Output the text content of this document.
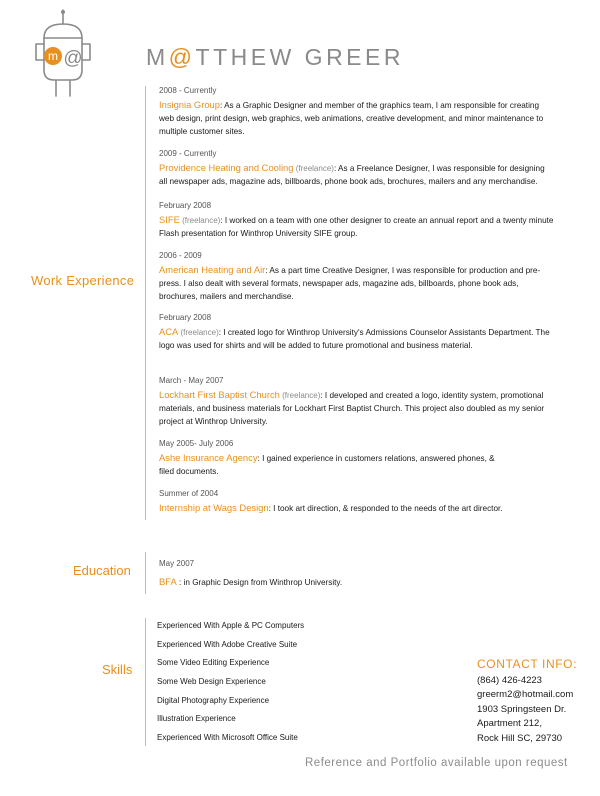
m @	M@TTHEW GREER
Work Experience
Education
Skills
2008 - Currently
Insignia Group: As a Graphic Designer and member of the graphics team, I am responsible for creating web design, print design, web graphics, web animations, creative development, and minor maintenance to multiple customer sites.
2009 - Currently
Providence Heating and Cooling (freelance): As a Freelance Designer, I was responsible for designing all newspaper ads, magazine ads, billboards, phone book ads, brochures, mailers and any merchandise.
February 2008
SIFE (freelance): I worked on a team with one other designer to create an annual report and a twenty minute Flash presentation for Winthrop University SIFE group.
2006 - 2009
American Heating and Air: As a part time Creative Designer, I was responsible for production and pre-press. I also dealt with several formats, newspaper ads, magazine ads, billboards, phone book ads, brochures, mailers and merchandise.
February 2008
ACA (freelance): I created logo for Winthrop University's Admissions Counselor Assistants Department. The logo was used for shirts and will be added to future promotional and business material.
March - May 2007
Lockhart First Baptist Church (freelance): I developed and created a logo, identity system, promotional materials, and business materials for Lockhart First Baptist Church. This project also doubled as my senior project at Winthrop University.
May 2005- July 2006
Ashe Insurance Agency: I gained experience in customers relations, answered phones, & filed documents.
Summer of 2004
Internship at Wags Design: I took art direction, & responded to the needs of the art director.
May 2007
BFA : in Graphic Design from Winthrop University.
Experienced With Apple & PC Computers
Experienced With Adobe Creative Suite
Some Video Editing Experience
Some Web Design Experience
Digital Photography Experience
Illustration Experience
Experienced With Microsoft Office Suite
CONTACT INFO:
(864) 426-4223
greerm2@hotmail.com
1903 Springsteen Dr.
Apartment 212,
Rock Hill SC, 29730
Reference and Portfolio available upon request
